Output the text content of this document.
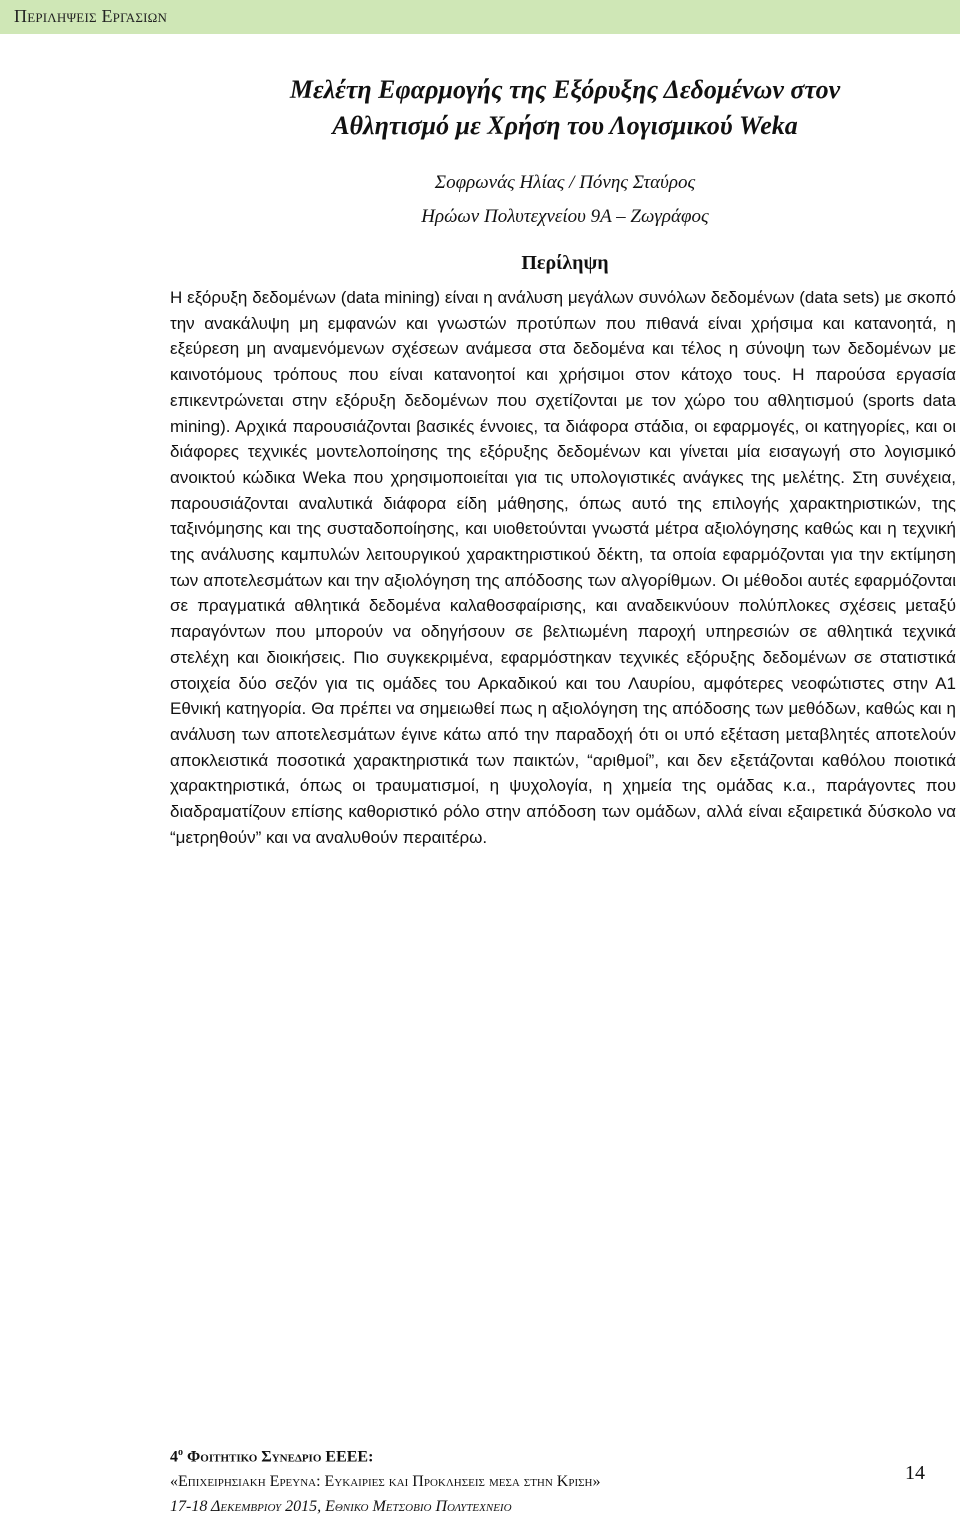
Περιληψεισ Εργασιων
Μελέτη Εφαρμογής της Εξόρυξης Δεδομένων στον
Αθλητισμό με Χρήση του Λογισμικού Weka
Σοφρωνάς Ηλίας / Πόνης Σταύρος
Ηρώων Πολυτεχνείου 9Α – Ζωγράφος
Περίληψη

Η εξόρυξη δεδομένων (data mining) είναι η ανάλυση μεγάλων συνόλων δεδομένων (data sets) με σκοπό την ανακάλυψη μη εμφανών και γνωστών προτύπων που πιθανά είναι χρήσιμα και κατανοητά, η εξεύρεση μη αναμενόμενων σχέσεων ανάμεσα στα δεδομένα και τέλος η σύνοψη των δεδομένων με καινοτόμους τρόπους που είναι κατανοητοί και χρήσιμοι στον κάτοχο τους. Η παρούσα εργασία επικεντρώνεται στην εξόρυξη δεδομένων που σχετίζονται με τον χώρο του αθλητισμού (sports data mining). Αρχικά παρουσιάζονται βασικές έννοιες, τα διάφορα στάδια, οι εφαρμογές, οι κατηγορίες, και οι διάφορες τεχνικές μοντελοποίησης της εξόρυξης δεδομένων και γίνεται μία εισαγωγή στο λογισμικό ανοικτού κώδικα Weka που χρησιμοποιείται για τις υπολογιστικές ανάγκες της μελέτης. Στη συνέχεια, παρουσιάζονται αναλυτικά διάφορα είδη μάθησης, όπως αυτό της επιλογής χαρακτηριστικών, της ταξινόμησης και της συσταδοποίησης, και υιοθετούνται γνωστά μέτρα αξιολόγησης καθώς και η τεχνική της ανάλυσης καμπυλών λειτουργικού χαρακτηριστικού δέκτη, τα οποία εφαρμόζονται για την εκτίμηση των αποτελεσμάτων και την αξιολόγηση της απόδοσης των αλγορίθμων. Οι μέθοδοι αυτές εφαρμόζονται σε πραγματικά αθλητικά δεδομένα καλαθοσφαίρισης, και αναδεικνύουν πολύπλοκες σχέσεις μεταξύ παραγόντων που μπορούν να οδηγήσουν σε βελτιωμένη παροχή υπηρεσιών σε αθλητικά τεχνικά στελέχη και διοικήσεις. Πιο συγκεκριμένα, εφαρμόστηκαν τεχνικές εξόρυξης δεδομένων σε στατιστικά στοιχεία δύο σεζόν για τις ομάδες του Αρκαδικού και του Λαυρίου, αμφότερες νεοφώτιστες στην Α1 Εθνική κατηγορία. Θα πρέπει να σημειωθεί πως η αξιολόγηση της απόδοσης των μεθόδων, καθώς και η ανάλυση των αποτελεσμάτων έγινε κάτω από την παραδοχή ότι οι υπό εξέταση μεταβλητές αποτελούν αποκλειστικά ποσοτικά χαρακτηριστικά των παικτών, “αριθμοί”, και δεν εξετάζονται καθόλου ποιοτικά χαρακτηριστικά, όπως οι τραυματισμοί, η ψυχολογία, η χημεία της ομάδας κ.α., παράγοντες που διαδραματίζουν επίσης καθοριστικό ρόλο στην απόδοση των ομάδων, αλλά είναι εξαιρετικά δύσκολο να “μετρηθούν” και να αναλυθούν περαιτέρω.

$4^o$ Φοιτητικο Συνεδριο ΕΕΕΕ:
«Επιχειρησιακη Ερευνα: Ευκαιριες και Προκλησεις μεσα στην Κριση»
17-18 Δεκεμβριου 2015, Εθνικο Μετσοβιο Πολυτεχνειο
14
